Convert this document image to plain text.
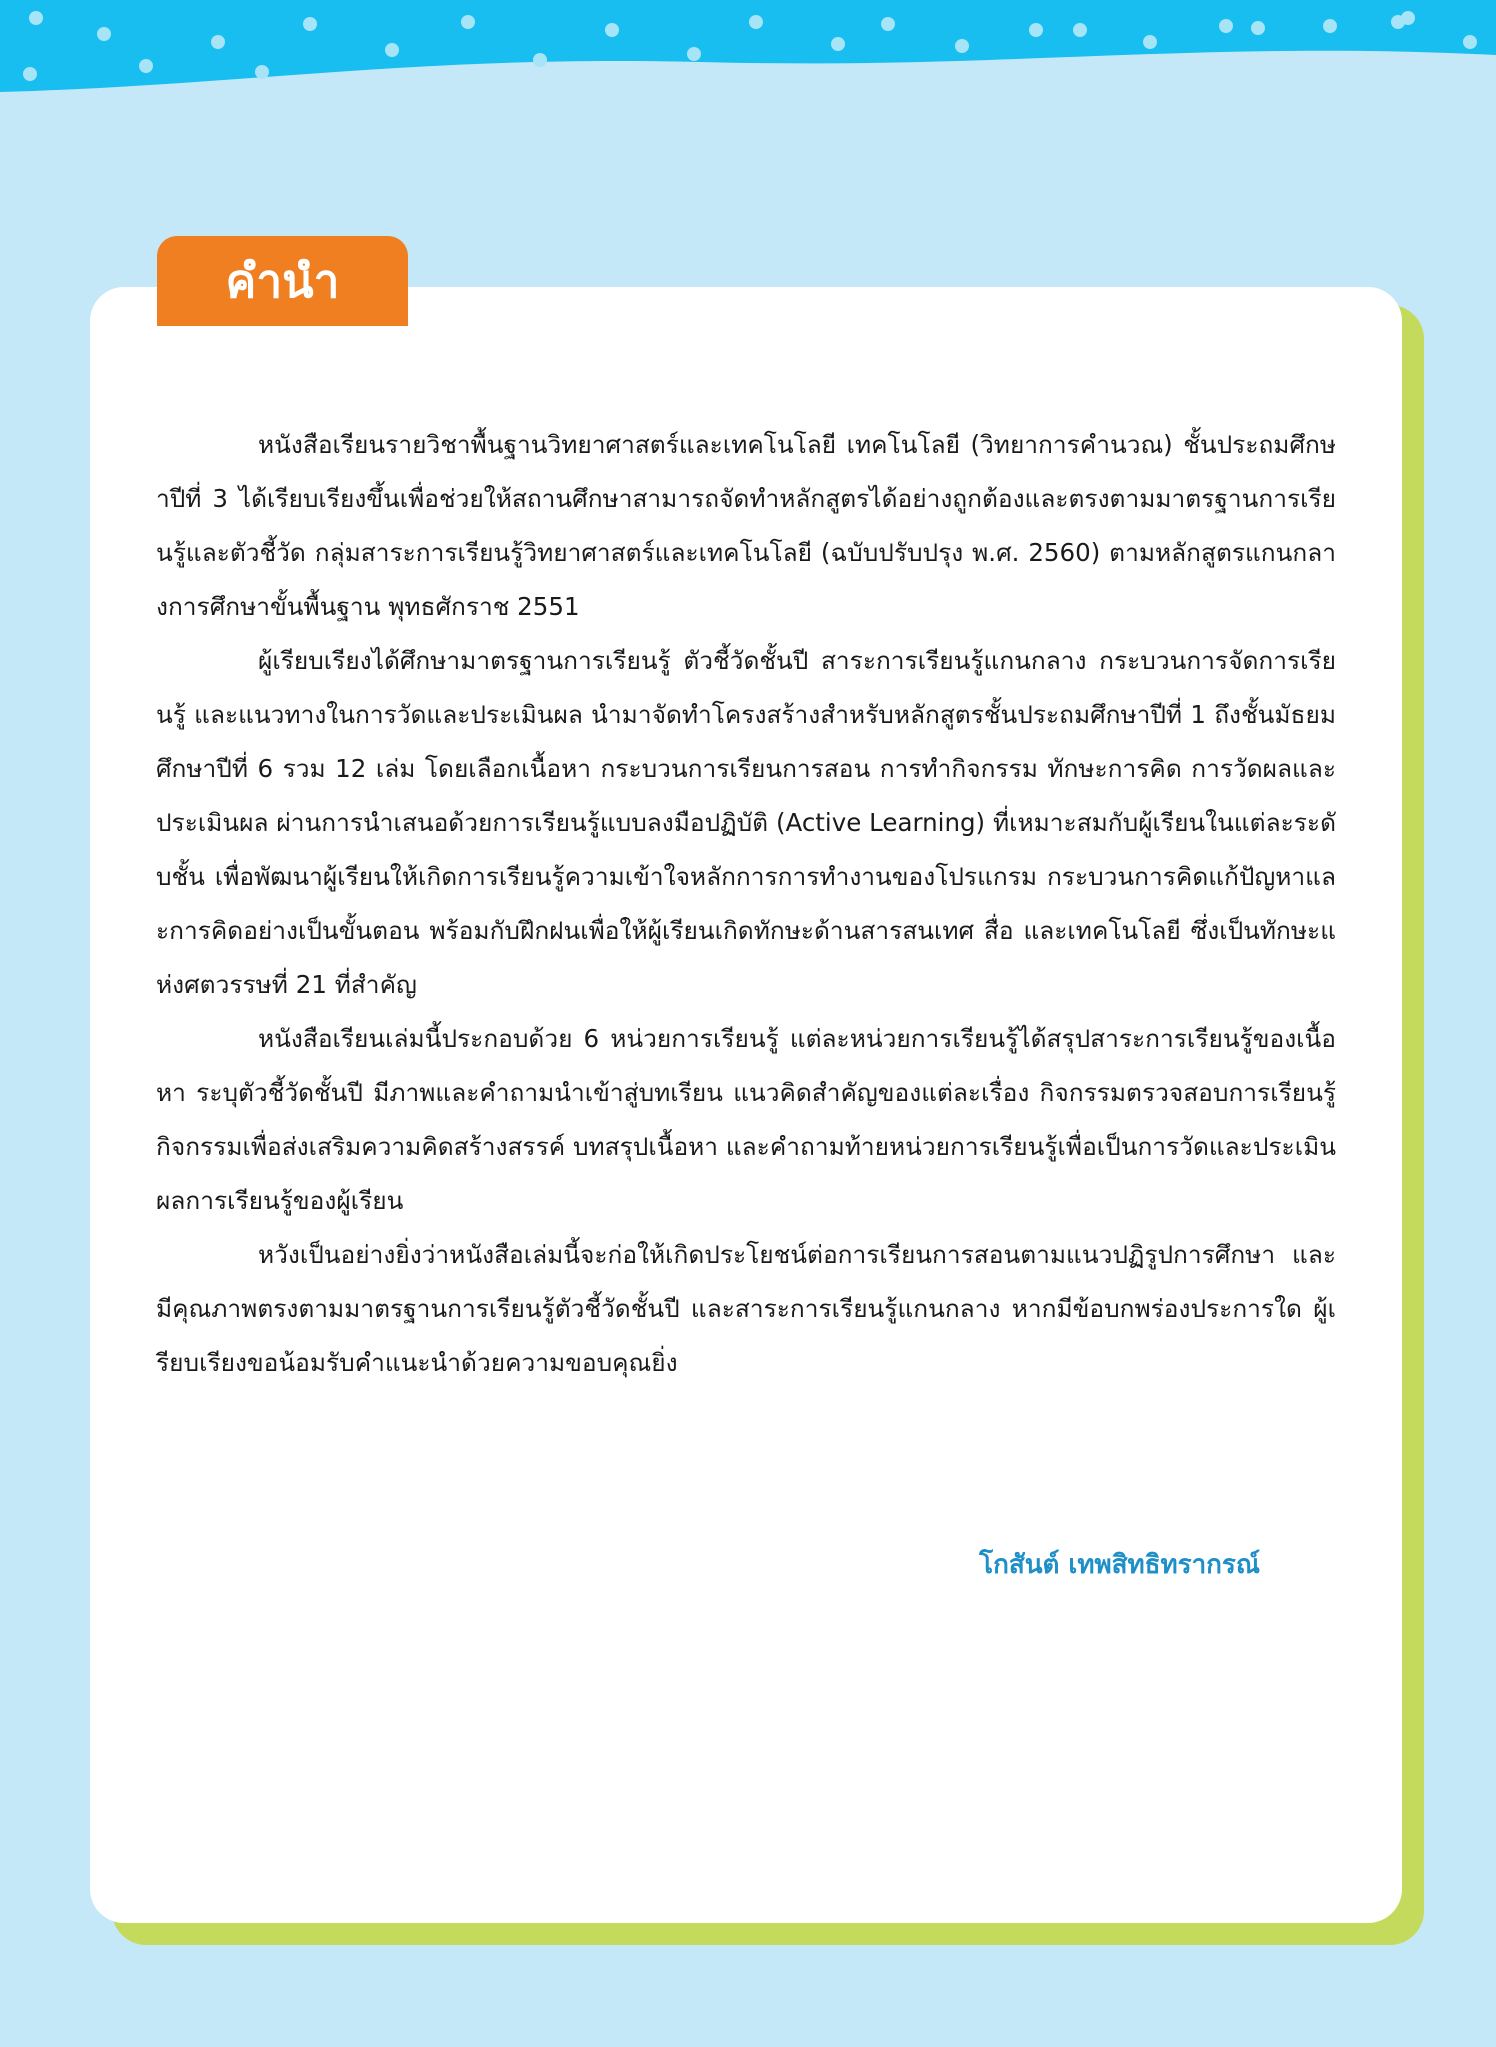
คำนำ

หนังสือเรียนรายวิชาพื้นฐานวิทยาศาสตร์และเทคโนโลยี เทคโนโลยี (วิทยาการคำนวณ) ชั้นประถมศึกษาปีที่ 3 ได้เรียบเรียงขึ้นเพื่อช่วยให้สถานศึกษาสามารถจัดทำหลักสูตรได้อย่างถูกต้องและตรงตามมาตรฐานการเรียนรู้และตัวชี้วัด กลุ่มสาระการเรียนรู้วิทยาศาสตร์และเทคโนโลยี (ฉบับปรับปรุง พ.ศ. 2560) ตามหลักสูตรแกนกลางการศึกษาขั้นพื้นฐาน พุทธศักราช 2551

ผู้เรียบเรียงได้ศึกษามาตรฐานการเรียนรู้ ตัวชี้วัดชั้นปี สาระการเรียนรู้แกนกลาง กระบวนการจัดการเรียนรู้ และแนวทางในการวัดและประเมินผล นำมาจัดทำโครงสร้างสำหรับหลักสูตรชั้นประถมศึกษาปีที่ 1 ถึงชั้นมัธยมศึกษาปีที่ 6 รวม 12 เล่ม โดยเลือกเนื้อหา กระบวนการเรียนการสอน การทำกิจกรรม ทักษะการคิด การวัดผลและประเมินผล ผ่านการนำเสนอด้วยการเรียนรู้แบบลงมือปฏิบัติ (Active Learning) ที่เหมาะสมกับผู้เรียนในแต่ละระดับชั้น เพื่อพัฒนาผู้เรียนให้เกิดการเรียนรู้ความเข้าใจหลักการการทำงานของโปรแกรม กระบวนการคิดแก้ปัญหาและการคิดอย่างเป็นขั้นตอน พร้อมกับฝึกฝนเพื่อให้ผู้เรียนเกิดทักษะด้านสารสนเทศ สื่อ และเทคโนโลยี ซึ่งเป็นทักษะแห่งศตวรรษที่ 21 ที่สำคัญ

หนังสือเรียนเล่มนี้ประกอบด้วย 6 หน่วยการเรียนรู้ แต่ละหน่วยการเรียนรู้ได้สรุปสาระการเรียนรู้ของเนื้อหา ระบุตัวชี้วัดชั้นปี มีภาพและคำถามนำเข้าสู่บทเรียน แนวคิดสำคัญของแต่ละเรื่อง กิจกรรมตรวจสอบการเรียนรู้ กิจกรรมเพื่อส่งเสริมความคิดสร้างสรรค์ บทสรุปเนื้อหา และคำถามท้ายหน่วยการเรียนรู้เพื่อเป็นการวัดและประเมินผลการเรียนรู้ของผู้เรียน

หวังเป็นอย่างยิ่งว่าหนังสือเล่มนี้จะก่อให้เกิดประโยชน์ต่อการเรียนการสอนตามแนวปฏิรูปการศึกษา และมีคุณภาพตรงตามมาตรฐานการเรียนรู้ตัวชี้วัดชั้นปี และสาระการเรียนรู้แกนกลาง หากมีข้อบกพร่องประการใด ผู้เรียบเรียงขอน้อมรับคำแนะนำด้วยความขอบคุณยิ่ง

โกสันต์ เทพสิทธิทรากรณ์
